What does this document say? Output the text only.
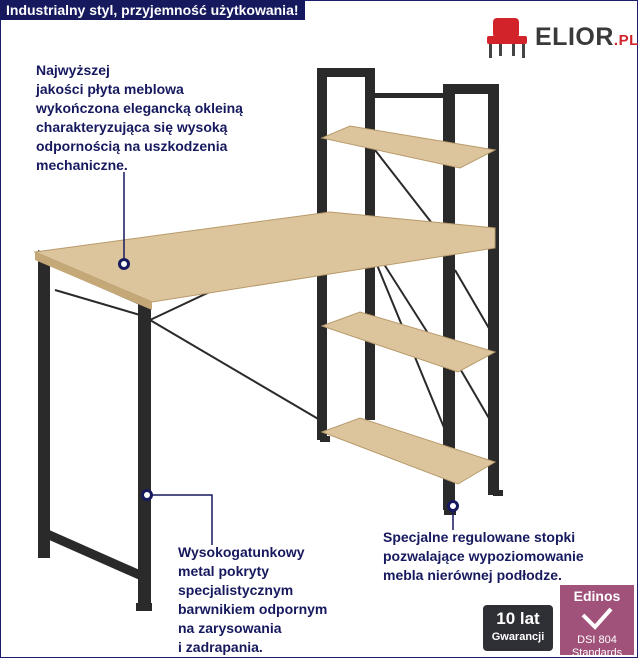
Industrialny styl, przyjemność użytkowania!
ELIOR.PL
Najwyższej
jakości płyta meblowa
wykończona elegancką okleiną
charakteryzująca się wysoką
odpornością na uszkodzenia
mechaniczne.
Wysokogatunkowy
metal pokryty
specjalistycznym
barwnikiem odpornym
na zarysowania
i zadrapania.
Specjalne regulowane stopki
pozwalające wypoziomowanie
mebla nierównej podłodze.
10 lat
Gwarancji
Edinos
DSI 804
Standards
